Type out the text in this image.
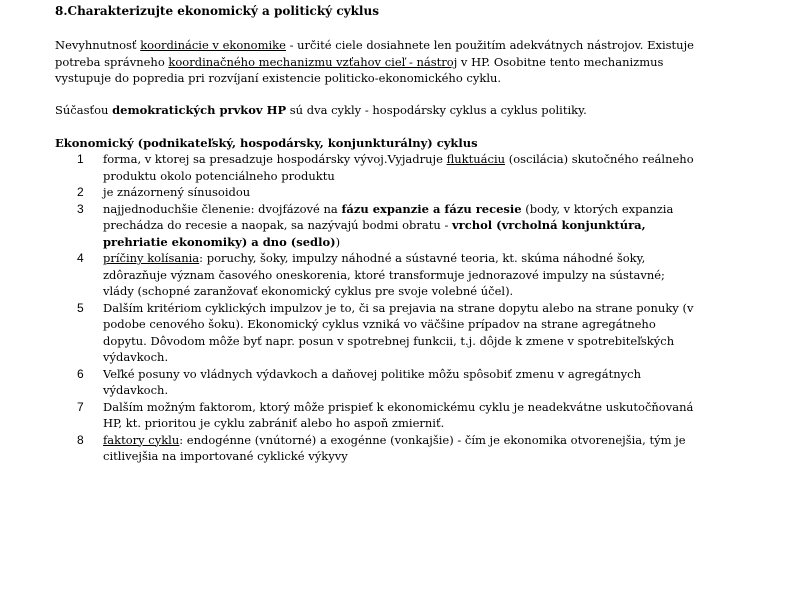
8.Charakterizujte ekonomický a politický cyklus
Nevyhnutnosť koordinácie v ekonomike - určité ciele dosiahnete len použitím adekvátnych nástrojov. Existuje potreba správneho koordinačného mechanizmu vzťahov cieľ - nástroj v HP. Osobitne tento mechanizmus vystupuje do popredia pri rozvíjaní existencie politicko-ekonomického cyklu.
Súčasťou demokratických prvkov HP sú dva cykly - hospodársky cyklus a cyklus politiky.
Ekonomický (podnikateľský, hospodársky, konjunkturálny) cyklus
1	forma, v ktorej sa presadzuje hospodársky vývoj.Vyjadruje fluktuáciu (oscilácia) skutočného reálneho produktu okolo potenciálneho produktu
2	je znázornený sínusoidou
3	najjednoduchšie členenie: dvojfázové na fázu expanzie a fázu recesie (body, v ktorých expanzia prechádza do recesie a naopak, sa nazývajú bodmi obratu - vrchol (vrcholná konjunktúra, prehriatie ekonomiky) a dno (sedlo))
4	príčiny kolísania: poruchy, šoky, impulzy náhodné a sústavné teoria, kt. skúma náhodné šoky, zdôrazňuje význam časového oneskorenia, ktoré transformuje jednorazové impulzy na sústavné; vlády (schopné zaranžovať ekonomický cyklus pre svoje volebné účel).
5	Dalším kritériom cyklických impulzov je to, či sa prejavia na strane dopytu alebo na strane ponuky (v podobe cenového šoku). Ekonomický cyklus vzniká vo väčšine prípadov na strane agregátneho dopytu. Dôvodom môže byť napr. posun v spotrebnej funkcii, t.j. dôjde k zmene v spotrebiteľských výdavkoch.
6	Veľké posuny vo vládnych výdavkoch a daňovej politike môžu spôsobiť zmenu v agregátnych výdavkoch.
7	Dalším možným faktorom, ktorý môže prispieť k ekonomickému cyklu je neadekvátne uskutočňovaná HP, kt. prioritou je cyklu zabrániť alebo ho aspoň zmierniť.
8	faktory cyklu: endogénne (vnútorné) a exogénne (vonkajšie) - čím je ekonomika otvorenejšia, tým je citlivejšia na importované cyklické výkyvy
